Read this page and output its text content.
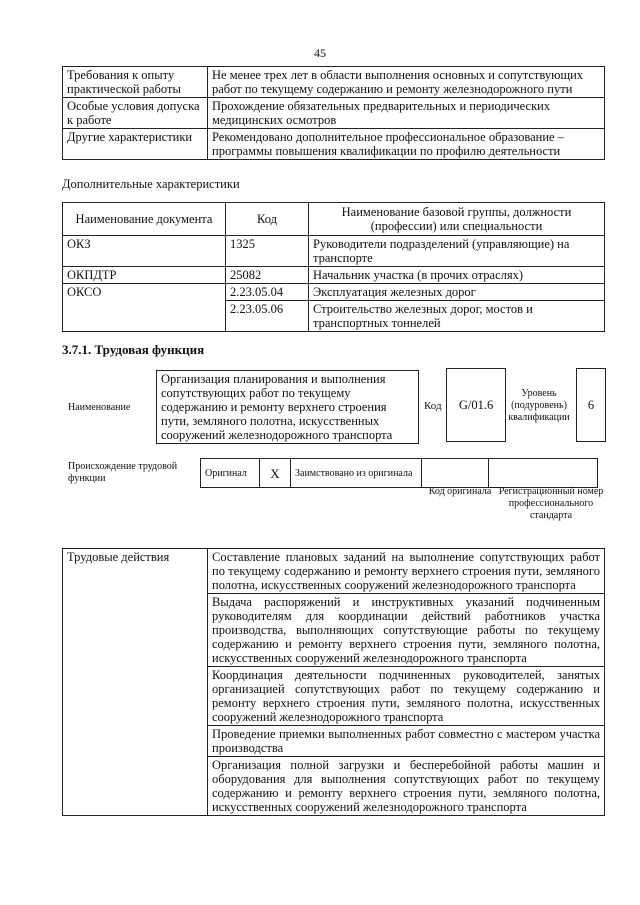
45
Требования к опыту практической работы	Не менее трех лет в области выполнения основных и сопутствующих работ по текущему содержанию и ремонту железнодорожного пути
Особые условия допуска к работе	Прохождение обязательных предварительных и периодических медицинских осмотров
Другие характеристики	Рекомендовано дополнительное профессиональное образование – программы повышения квалификации по профилю деятельности
Дополнительные характеристики
Наименование документа	Код	Наименование базовой группы, должности (профессии) или специальности
ОКЗ	1325	Руководители подразделений (управляющие) на транспорте
ОКПДТР	25082	Начальник участка (в прочих отраслях)
ОКСО	2.23.05.04	Эксплуатация железных дорог
	2.23.05.06	Строительство железных дорог, мостов и транспортных тоннелей
3.7.1. Трудовая функция
Наименование
Организация планирования и выполнения сопутствующих работ по текущему содержанию и ремонту верхнего строения пути, земляного полотна, искусственных сооружений железнодорожного транспорта
Код	G/01.6
Уровень (подуровень) квалификации
6
Происхождение трудовой функции	Оригинал	X	Заимствовано из оригинала		
Код оригинала Регистрационный номер профессионального стандарта
Трудовые действия	Составление плановых заданий на выполнение сопутствующих работ по текущему содержанию и ремонту верхнего строения пути, земляного полотна, искусственных сооружений железнодорожного транспорта
Выдача распоряжений и инструктивных указаний подчиненным руководителям для координации действий работников участка производства, выполняющих сопутствующие работы по текущему содержанию и ремонту верхнего строения пути, земляного полотна, искусственных сооружений железнодорожного транспорта
Координация деятельности подчиненных руководителей, занятых организацией сопутствующих работ по текущему содержанию и ремонту верхнего строения пути, земляного полотна, искусственных сооружений железнодорожного транспорта
Проведение приемки выполненных работ совместно с мастером участка производства
Организация полной загрузки и бесперебойной работы машин и оборудования для выполнения сопутствующих работ по текущему содержанию и ремонту верхнего строения пути, земляного полотна, искусственных сооружений железнодорожного транспорта
